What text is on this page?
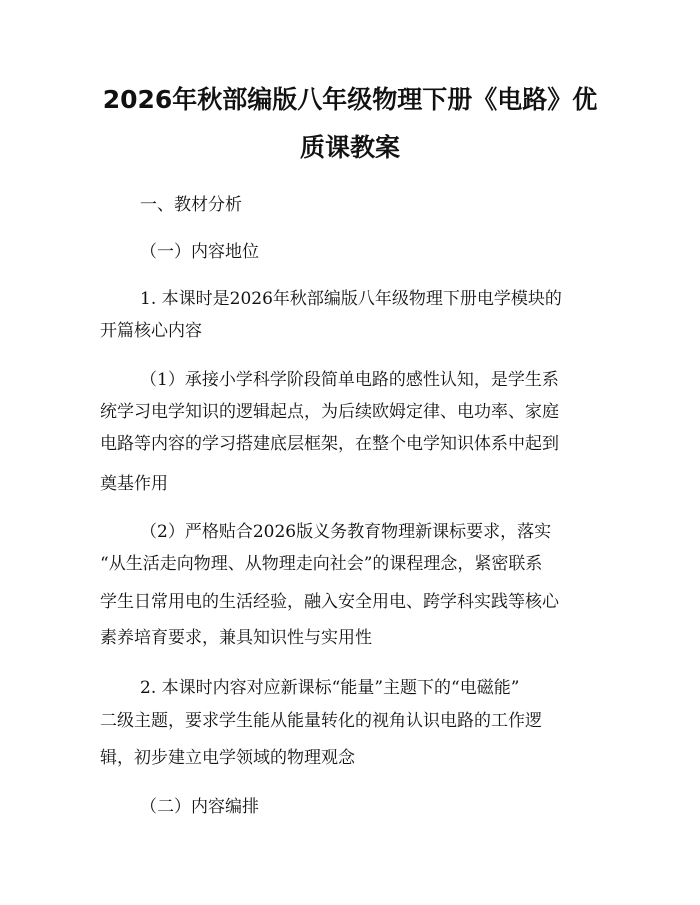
2026年秋部编版八年级物理下册《电路》优
质课教案

一、教材分析

（一）内容地位

1. 本课时是2026年秋部编版八年级物理下册电学模块的

开篇核心内容

（1）承接小学科学阶段简单电路的感性认知，是学生系

统学习电学知识的逻辑起点，为后续欧姆定律、电功率、家庭

电路等内容的学习搭建底层框架，在整个电学知识体系中起到

奠基作用

（2）严格贴合2026版义务教育物理新课标要求，落实

“从生活走向物理、从物理走向社会”的课程理念，紧密联系

学生日常用电的生活经验，融入安全用电、跨学科实践等核心

素养培育要求，兼具知识性与实用性

2. 本课时内容对应新课标“能量”主题下的“电磁能”

二级主题，要求学生能从能量转化的视角认识电路的工作逻

辑，初步建立电学领域的物理观念

（二）内容编排
